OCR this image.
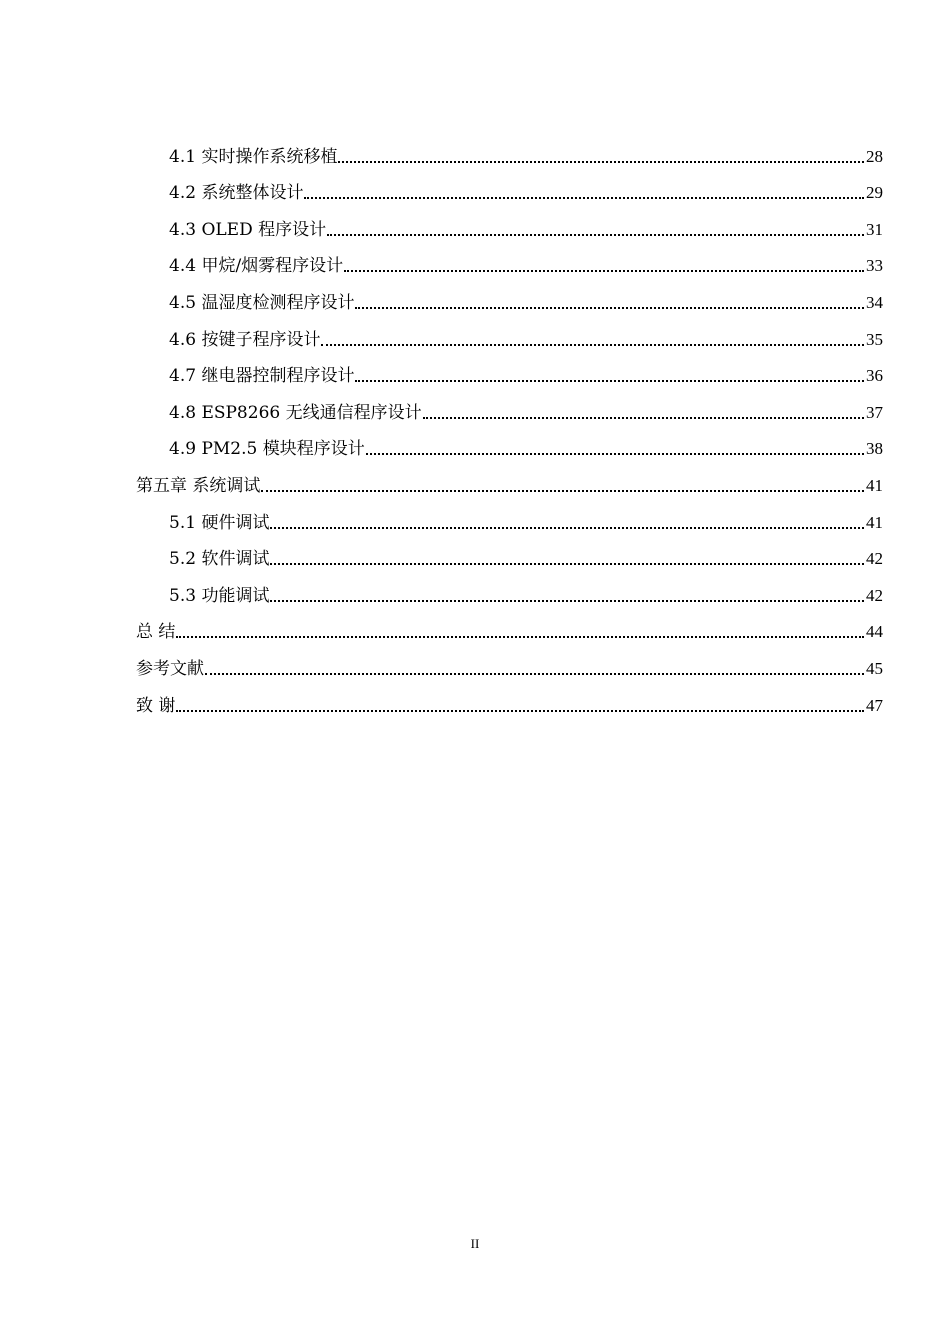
4.1 实时操作系统移植	28
4.2 系统整体设计	29
4.3 OLED 程序设计	31
4.4 甲烷/烟雾程序设计	33
4.5 温湿度检测程序设计	34
4.6 按键子程序设计	35
4.7 继电器控制程序设计	36
4.8 ESP8266 无线通信程序设计	37
4.9 PM2.5 模块程序设计	38
第五章 系统调试	41
5.1 硬件调试	41
5.2 软件调试	42
5.3 功能调试	42
总 结	44
参考文献	45
致 谢	47
II
